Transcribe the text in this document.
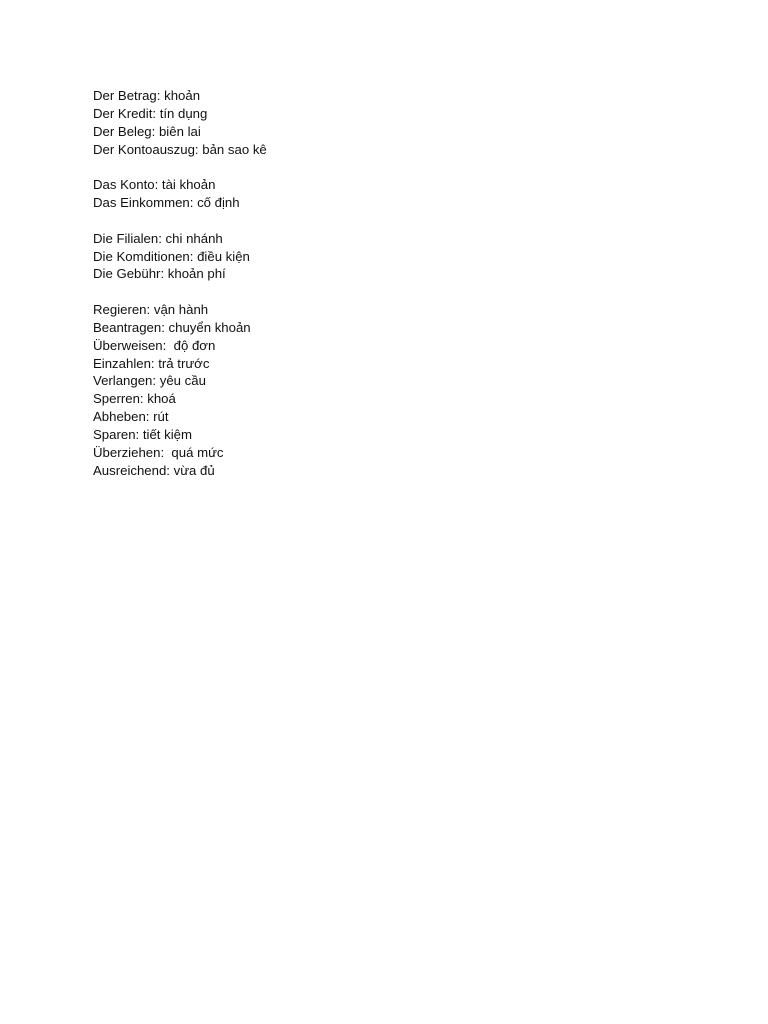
Der Betrag: khoản
Der Kredit: tín dụng
Der Beleg: biên lai
Der Kontoauszug: bản sao kê
Das Konto: tài khoản
Das Einkommen: cố định
Die Filialen: chi nhánh
Die Komditionen: điều kiện
Die Gebühr: khoản phí
Regieren: vận hành
Beantragen: chuyển khoản
Überweisen:  độ đơn
Einzahlen: trả trước
Verlangen: yêu cầu
Sperren: khoá
Abheben: rút
Sparen: tiết kiệm
Überziehen:  quá mức
Ausreichend: vừa đủ
